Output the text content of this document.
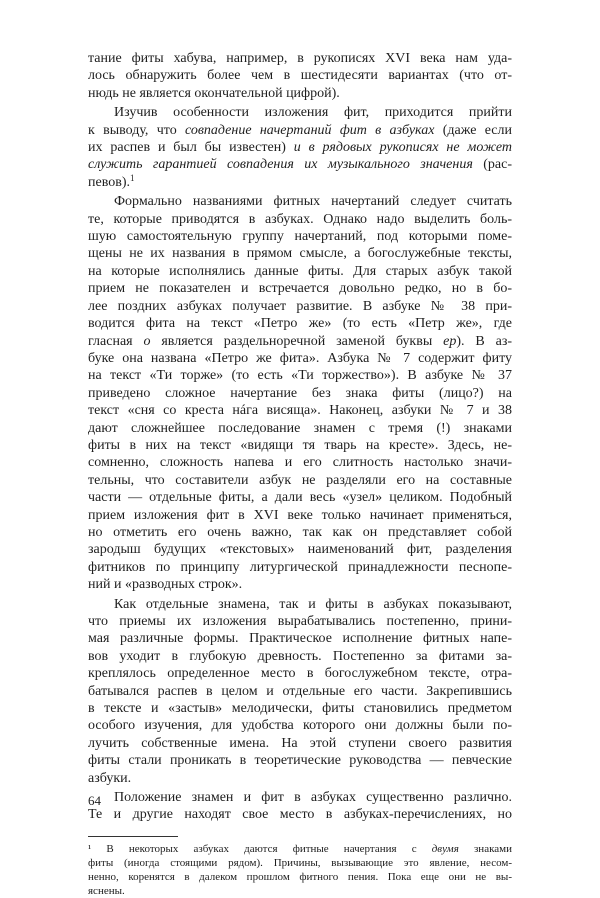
тание фиты хабува, например, в рукописях XVI века нам уда-
лось обнаружить более чем в шестидесяти вариантах (что от-
нюдь не является окончательной цифрой).

Изучив особенности изложения фит, приходится прийти
к выводу, что совпадение начертаний фит в азбуках (даже если
их распев и был бы известен) и в рядовых рукописях не может
служить гарантией совпадения их музыкального значения (рас-
певов).$^1$

Формально названиями фитных начертаний следует считать
те, которые приводятся в азбуках. Однако надо выделить боль-
шую самостоятельную группу начертаний, под которыми поме-
щены не их названия в прямом смысле, а богослужебные тексты,
на которые исполнялись данные фиты. Для старых азбук такой
прием не показателен и встречается довольно редко, но в бо-
лее поздних азбуках получает развитие. В азбуке № 38 при-
водится фита на текст «Петро же» (то есть «Петр же», где
гласная о является раздельноречной заменой буквы ер). В аз-
буке она названа «Петро же фита». Азбука № 7 содержит фиту
на текст «Ти торже» (то есть «Ти торжество»). В азбуке № 37
приведено сложное начертание без знака фиты (лицо?) на
текст «сня со креста нáга висяща». Наконец, азбуки № 7 и 38
дают сложнейшее последование знамен с тремя (!) знаками
фиты в них на текст «видящи тя тварь на кресте». Здесь, не-
сомненно, сложность напева и его слитность настолько значи-
тельны, что составители азбук не разделяли его на составные
части — отдельные фиты, а дали весь «узел» целиком. Подобный
прием изложения фит в XVI веке только начинает применяться,
но отметить его очень важно, так как он представляет собой
зародыш будущих «текстовых» наименований фит, разделения
фитников по принципу литургической принадлежности песнопе-
ний и «разводных строк».

Как отдельные знамена, так и фиты в азбуках показывают,
что приемы их изложения вырабатывались постепенно, прини-
мая различные формы. Практическое исполнение фитных напе-
вов уходит в глубокую древность. Постепенно за фитами за-
креплялось определенное место в богослужебном тексте, отра-
батывался распев в целом и отдельные его части. Закрепившись
в тексте и «застыв» мелодически, фиты становились предметом
особого изучения, для удобства которого они должны были по-
лучить собственные имена. На этой ступени своего развития
фиты стали проникать в теоретические руководства — певческие
азбуки.

Положение знамен и фит в азбуках существенно различно.
Те и другие находят свое место в азбуках-перечислениях, но

¹ В некоторых азбуках даются фитные начертания с двумя знаками
фиты (иногда стоящими рядом). Причины, вызывающие это явление, несом-
ненно, коренятся в далеком прошлом фитного пения. Пока еще они не вы-
яснены.

64
